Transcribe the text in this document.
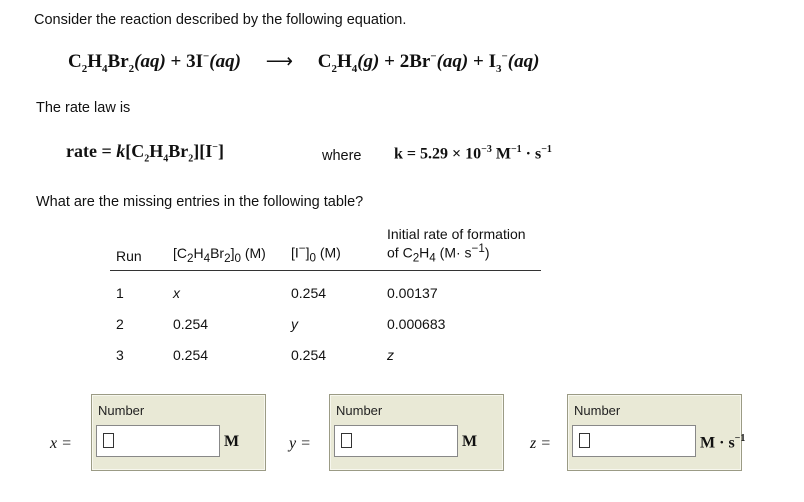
Consider the reaction described by the following equation.
$C_2H_4Br_2(aq) + 3I^-(aq)$ ⟶ $C_2H_4(g) + 2Br^-(aq) + I_3^-(aq)$
The rate law is
rate = $k[C_2H_4Br_2][I^-]$	where $k = 5.29 \times 10^{-3}$ $M^{-1} \cdot s^{-1}$
What are the missing entries in the following table?
Run	$[C_2H_4Br_2]_0$ (M)	$[I^-]_0$ (M)	Initial rate of formation
of $C_2H_4$ $(M\cdot s^{-1})$
1	x	0.254	0.00137
2	0.254	y	0.000683
3	0.254	0.254	z
x =
Number
M	y =
Number
M	z =
Number
$M \cdot s^{-1}$
